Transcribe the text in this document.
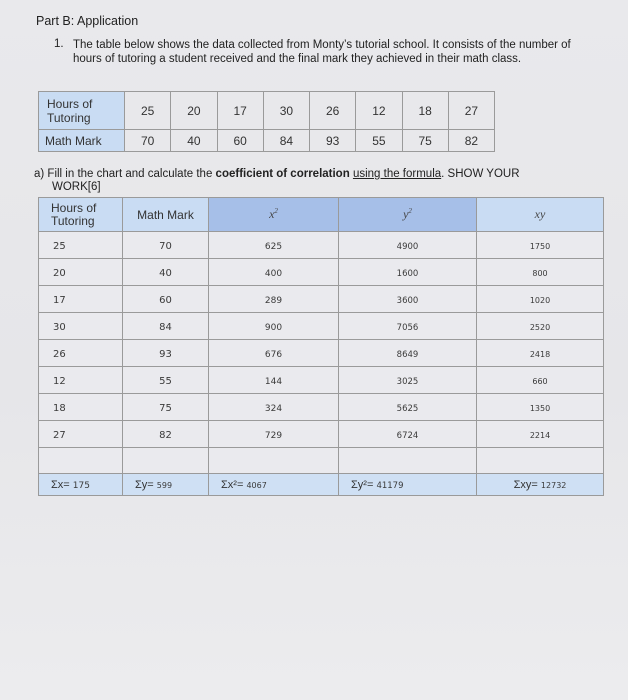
Part B: Application
1. The table below shows the data collected from Monty’s tutorial school. It consists of the number of hours of tutoring a student received and the final mark they achieved in their math class.
Hours of Tutoring	25	20	17	30	26	12	18	27
Math Mark	70	40	60	84	93	55	75	82
a) Fill in the chart and calculate the coefficient of correlation using the formula. SHOW YOUR
WORK[6]
Hours of Tutoring	Math Mark	$x^2$	$y^2$	xy
25	70	625	4900	1750
20	40	400	1600	800
17	60	289	3600	1020
30	84	900	7056	2520
26	93	676	8649	2418
12	55	144	3025	660
18	75	324	5625	1350
27	82	729	6724	2214

Σx= 175	Σy= 599	Σx²= 4067	Σy²= 41179	Σxy= 12732
